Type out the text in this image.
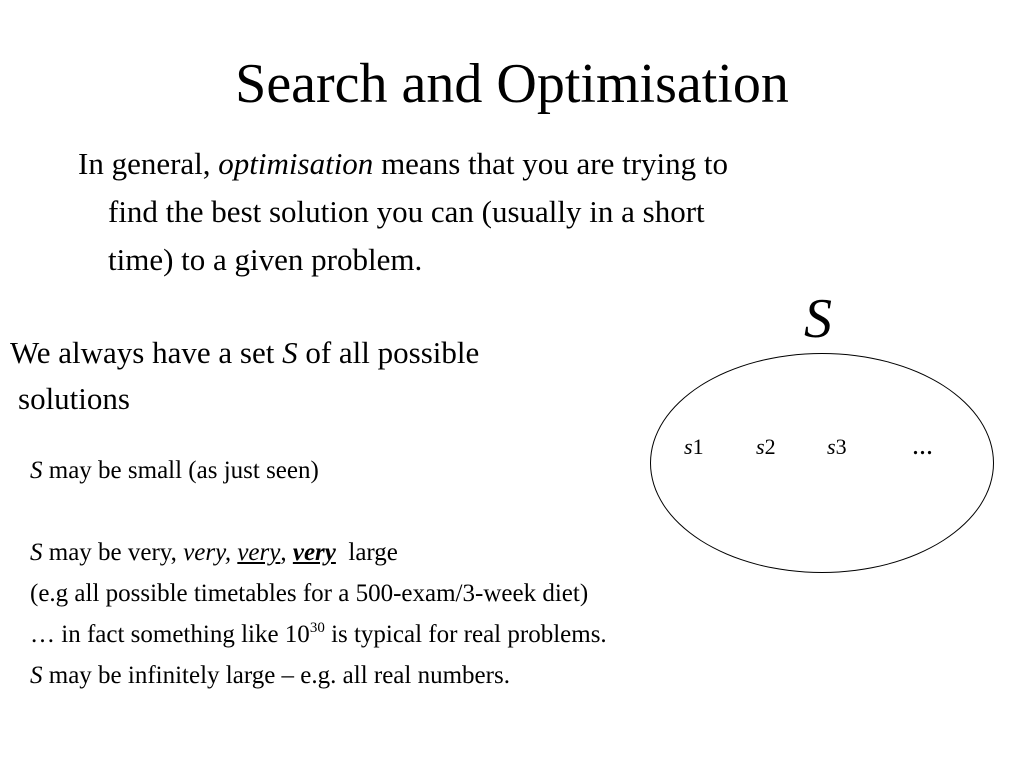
Search and Optimisation
In general, optimisation means that you are trying to
find the best solution you can (usually in a short
time) to a given problem.
We always have a set S of all possible
solutions
S may be small (as just seen)
S may be very, very, very, very  large
(e.g all possible timetables for a 500-exam/3-week diet)
… in fact something like $10^{30}$ is typical for real problems.
S may be infinitely large – e.g. all real numbers.
S
s1 s2 s3 ...
